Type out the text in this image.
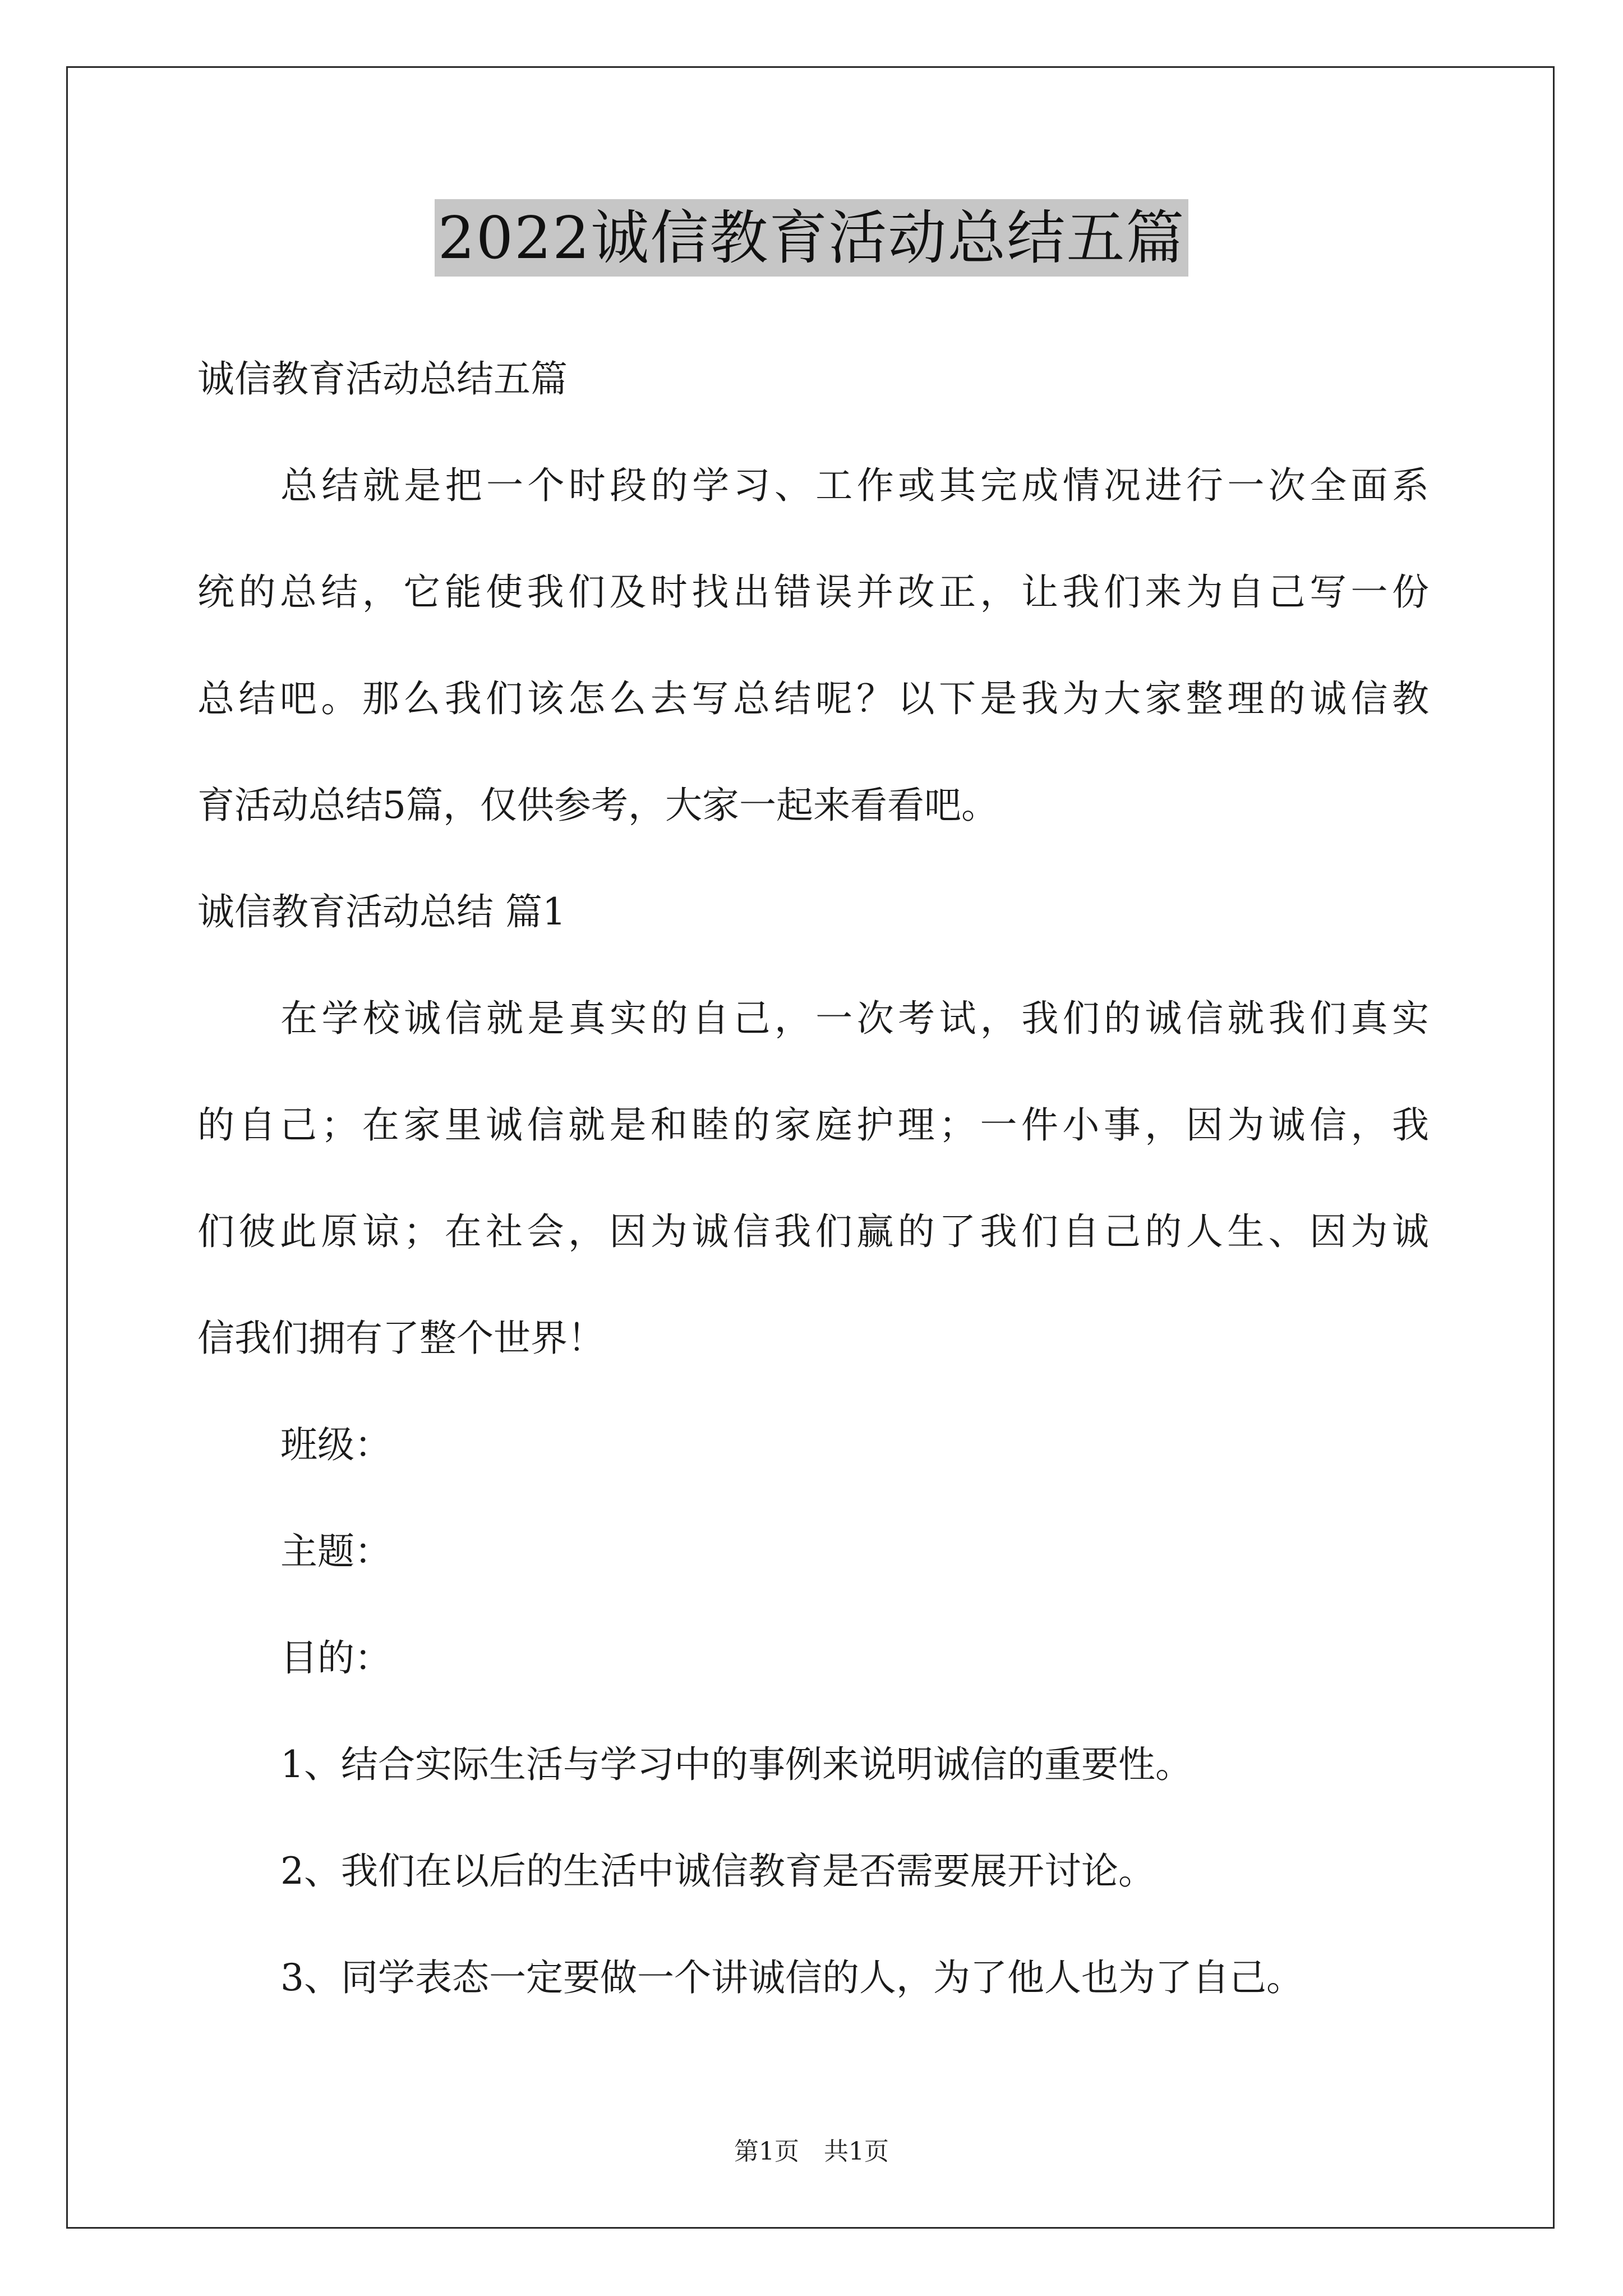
2022诚信教育活动总结五篇
诚信教育活动总结五篇
总结就是把一个时段的学习、工作或其完成情况进行一次全面系
统的总结，它能使我们及时找出错误并改正，让我们来为自己写一份
总结吧。那么我们该怎么去写总结呢？以下是我为大家整理的诚信教
育活动总结5篇，仅供参考，大家一起来看看吧。
诚信教育活动总结 篇1
在学校诚信就是真实的自己，一次考试，我们的诚信就我们真实
的自己；在家里诚信就是和睦的家庭护理；一件小事，因为诚信，我
们彼此原谅；在社会，因为诚信我们赢的了我们自己的人生、因为诚
信我们拥有了整个世界！
班级：
主题：
目的：
1、结合实际生活与学习中的事例来说明诚信的重要性。
2、我们在以后的生活中诚信教育是否需要展开讨论。
3、同学表态一定要做一个讲诚信的人，为了他人也为了自己。
第1页　共1页
